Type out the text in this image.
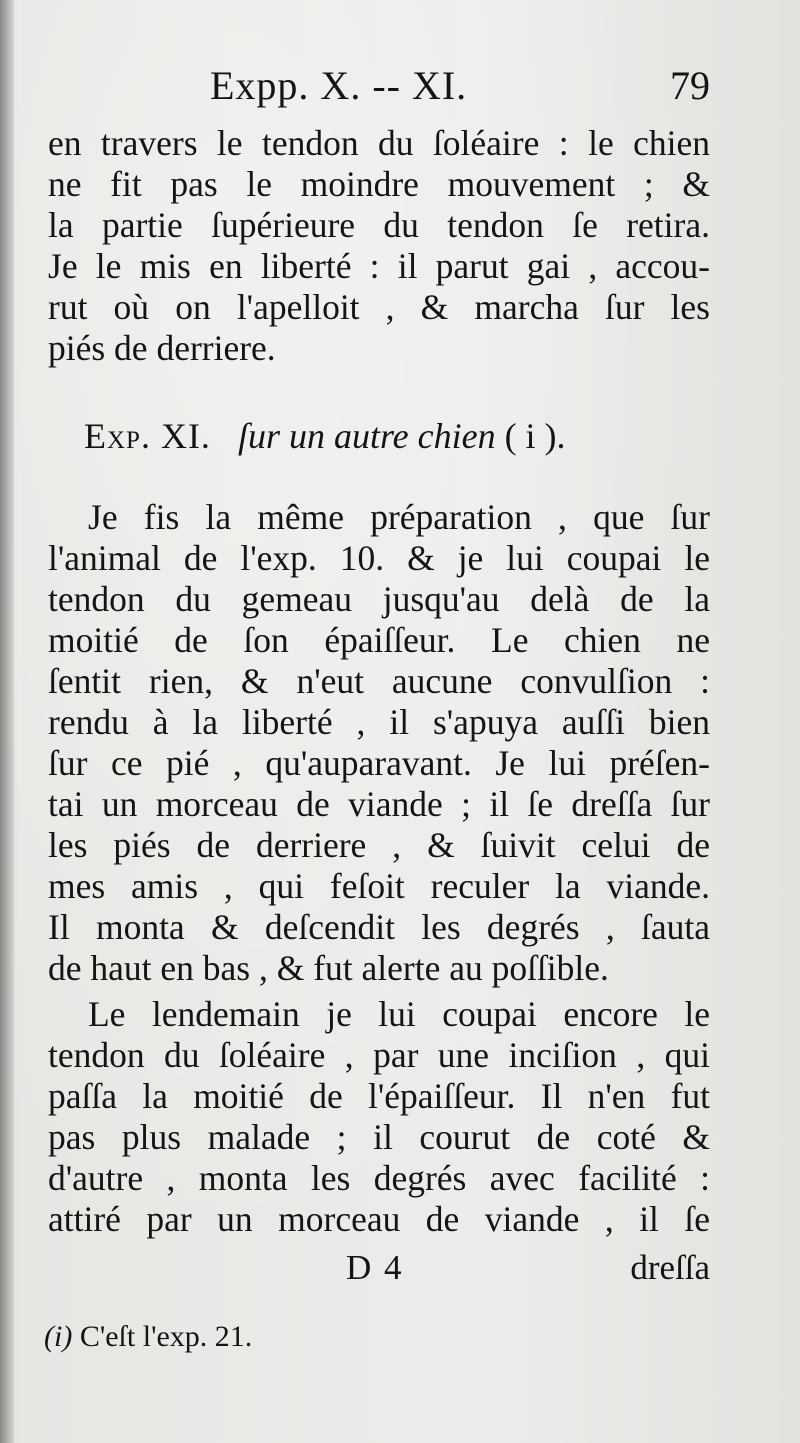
Expp. X. -- XI.	79
en travers le tendon du ſoléaire : le chien
ne fit pas le moindre mouvement ; &
la partie ſupérieure du tendon ſe retira.
Je le mis en liberté : il parut gai , accou-
rut où on l'apelloit , & marcha ſur les
piés de derriere.
Exp. XI. ſur un autre chien ( i ).
Je fis la même préparation , que ſur
l'animal de l'exp. 10. & je lui coupai le
tendon du gemeau jusqu'au delà de la
moitié de ſon épaiſſeur. Le chien ne
ſentit rien, & n'eut aucune convulſion :
rendu à la liberté , il s'apuya auſſi bien
ſur ce pié , qu'auparavant. Je lui préſen-
tai un morceau de viande ; il ſe dreſſa ſur
les piés de derriere , & ſuivit celui de
mes amis , qui feſoit reculer la viande.
Il monta & deſcendit les degrés , ſauta
de haut en bas , & fut alerte au poſſible.
Le lendemain je lui coupai encore le
tendon du ſoléaire , par une inciſion , qui
paſſa la moitié de l'épaiſſeur. Il n'en fut
pas plus malade ; il courut de coté &
d'autre , monta les degrés avec facilité :
attiré par un morceau de viande , il ſe
D 4	dreſſa
(i) C'eſt l'exp. 21.
